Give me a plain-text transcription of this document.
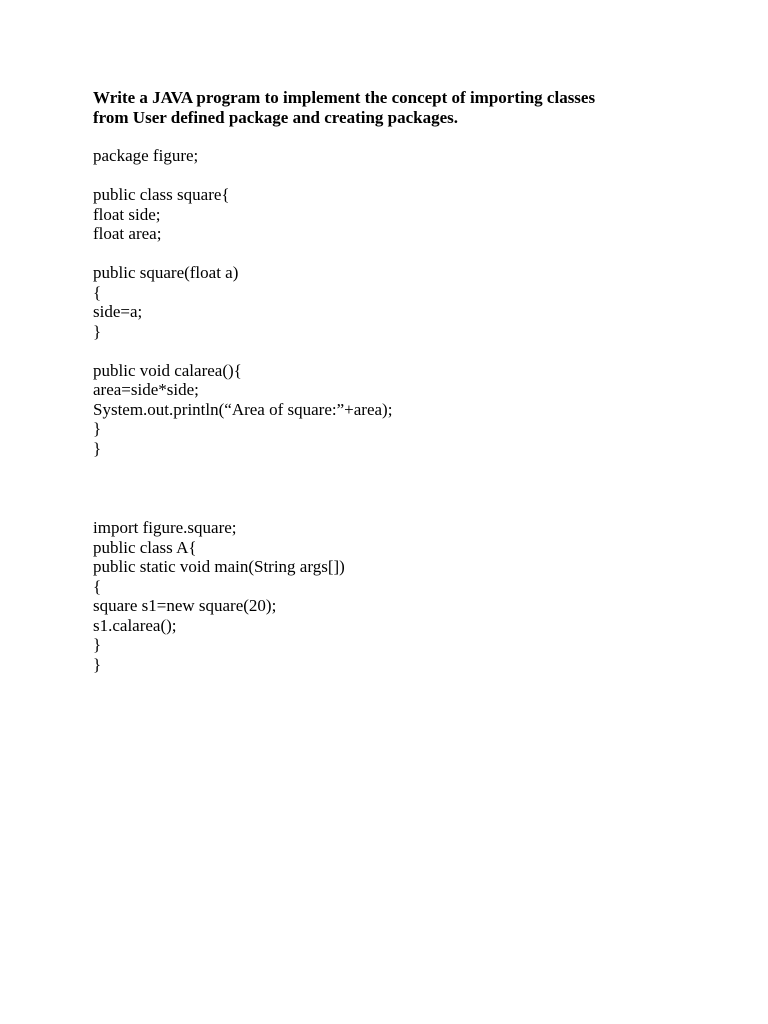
Write a JAVA program to implement the concept of importing classes
from User defined package and creating packages.
package figure;
public class square{
float side;
float area;
public square(float a)
{
side=a;
}
public void calarea(){
area=side*side;
System.out.println(“Area of square:”+area);
}
}
import figure.square;
public class A{
public static void main(String args[])
{
square s1=new square(20);
s1.calarea();
}
}
